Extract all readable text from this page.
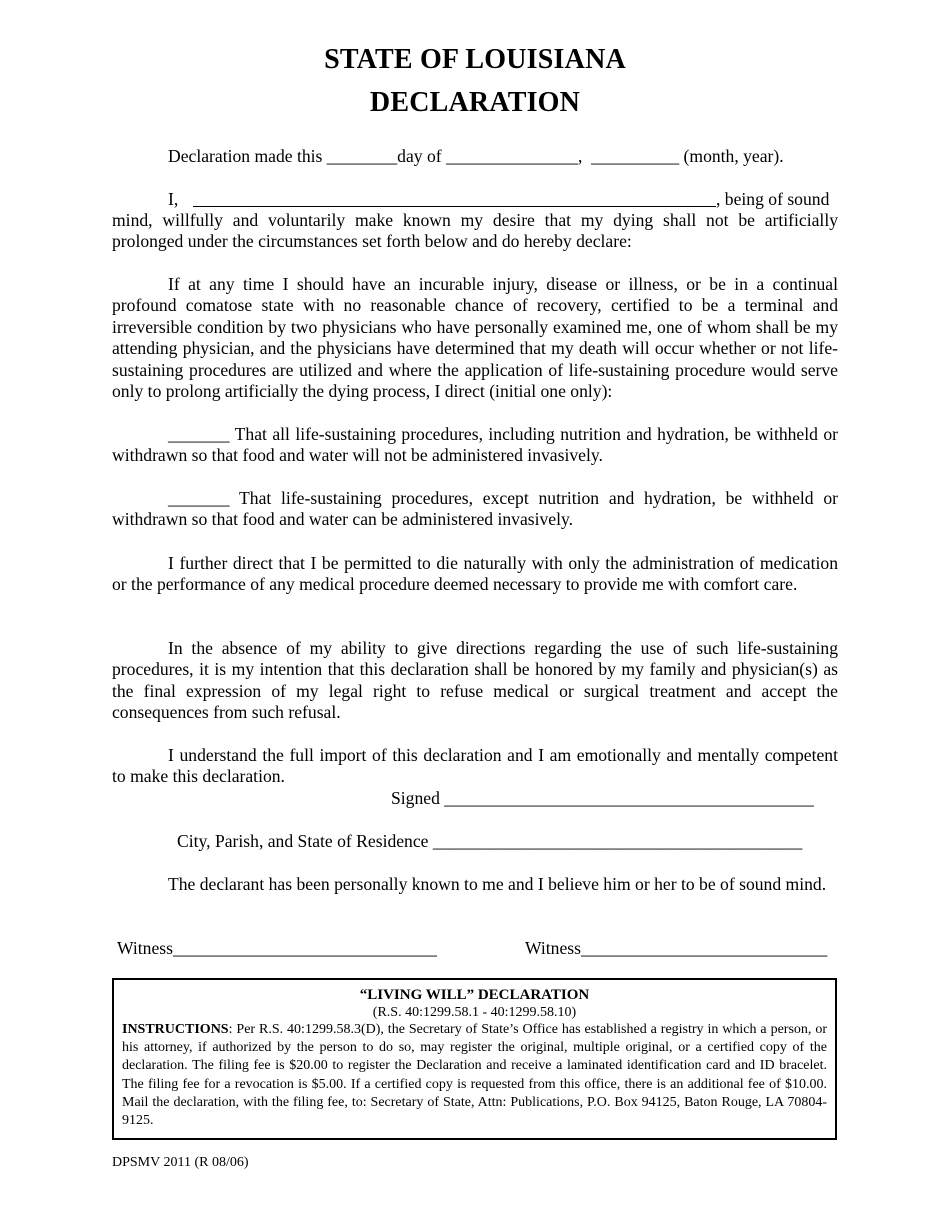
STATE OF LOUISIANA
DECLARATION
Declaration made this ________day of _______________,  __________ (month, year).
I,	, being of sound
mind, willfully and voluntarily make known my desire that my dying shall not be artificially prolonged under the circumstances set forth below and do hereby declare:
If at any time I should have an incurable injury, disease or illness, or be in a continual profound comatose state with no reasonable chance of recovery, certified to be a terminal and irreversible condition by two physicians who have personally examined me, one of whom shall be my attending physician, and the physicians have determined that my death will occur whether or not life-sustaining procedures are utilized and where the application of life-sustaining procedure would serve only to prolong artificially the dying process, I direct (initial one only):
_______ That all life-sustaining procedures, including nutrition and hydration, be withheld or withdrawn so that food and water will not be administered invasively.
_______ That life-sustaining procedures, except nutrition and hydration, be withheld or withdrawn so that food and water can be administered invasively.
I further direct that I be permitted to die naturally with only the administration of medication or the performance of any medical procedure deemed necessary to provide me with comfort care.
In the absence of my ability to give directions regarding the use of such life-sustaining procedures, it is my intention that this declaration shall be honored by my family and physician(s) as the final expression of my legal right to refuse medical or surgical treatment and accept the consequences from such refusal.
I understand the full import of this declaration and I am emotionally and mentally competent to make this declaration.
Signed __________________________________________
City, Parish, and State of Residence __________________________________________
The declarant has been personally known to me and I believe him or her to be of sound mind.
Witness______________________________	Witness____________________________
“LIVING WILL” DECLARATION
(R.S. 40:1299.58.1 - 40:1299.58.10)
INSTRUCTIONS: Per R.S. 40:1299.58.3(D), the Secretary of State’s Office has established a registry in which a person, or his attorney, if authorized by the person to do so, may register the original, multiple original, or a certified copy of the declaration. The filing fee is $20.00 to register the Declaration and receive a laminated identification card and ID bracelet. The filing fee for a revocation is $5.00. If a certified copy is requested from this office, there is an additional fee of $10.00. Mail the declaration, with the filing fee, to: Secretary of State, Attn: Publications, P.O. Box 94125, Baton Rouge, LA 70804-9125.
DPSMV 2011 (R 08/06)
